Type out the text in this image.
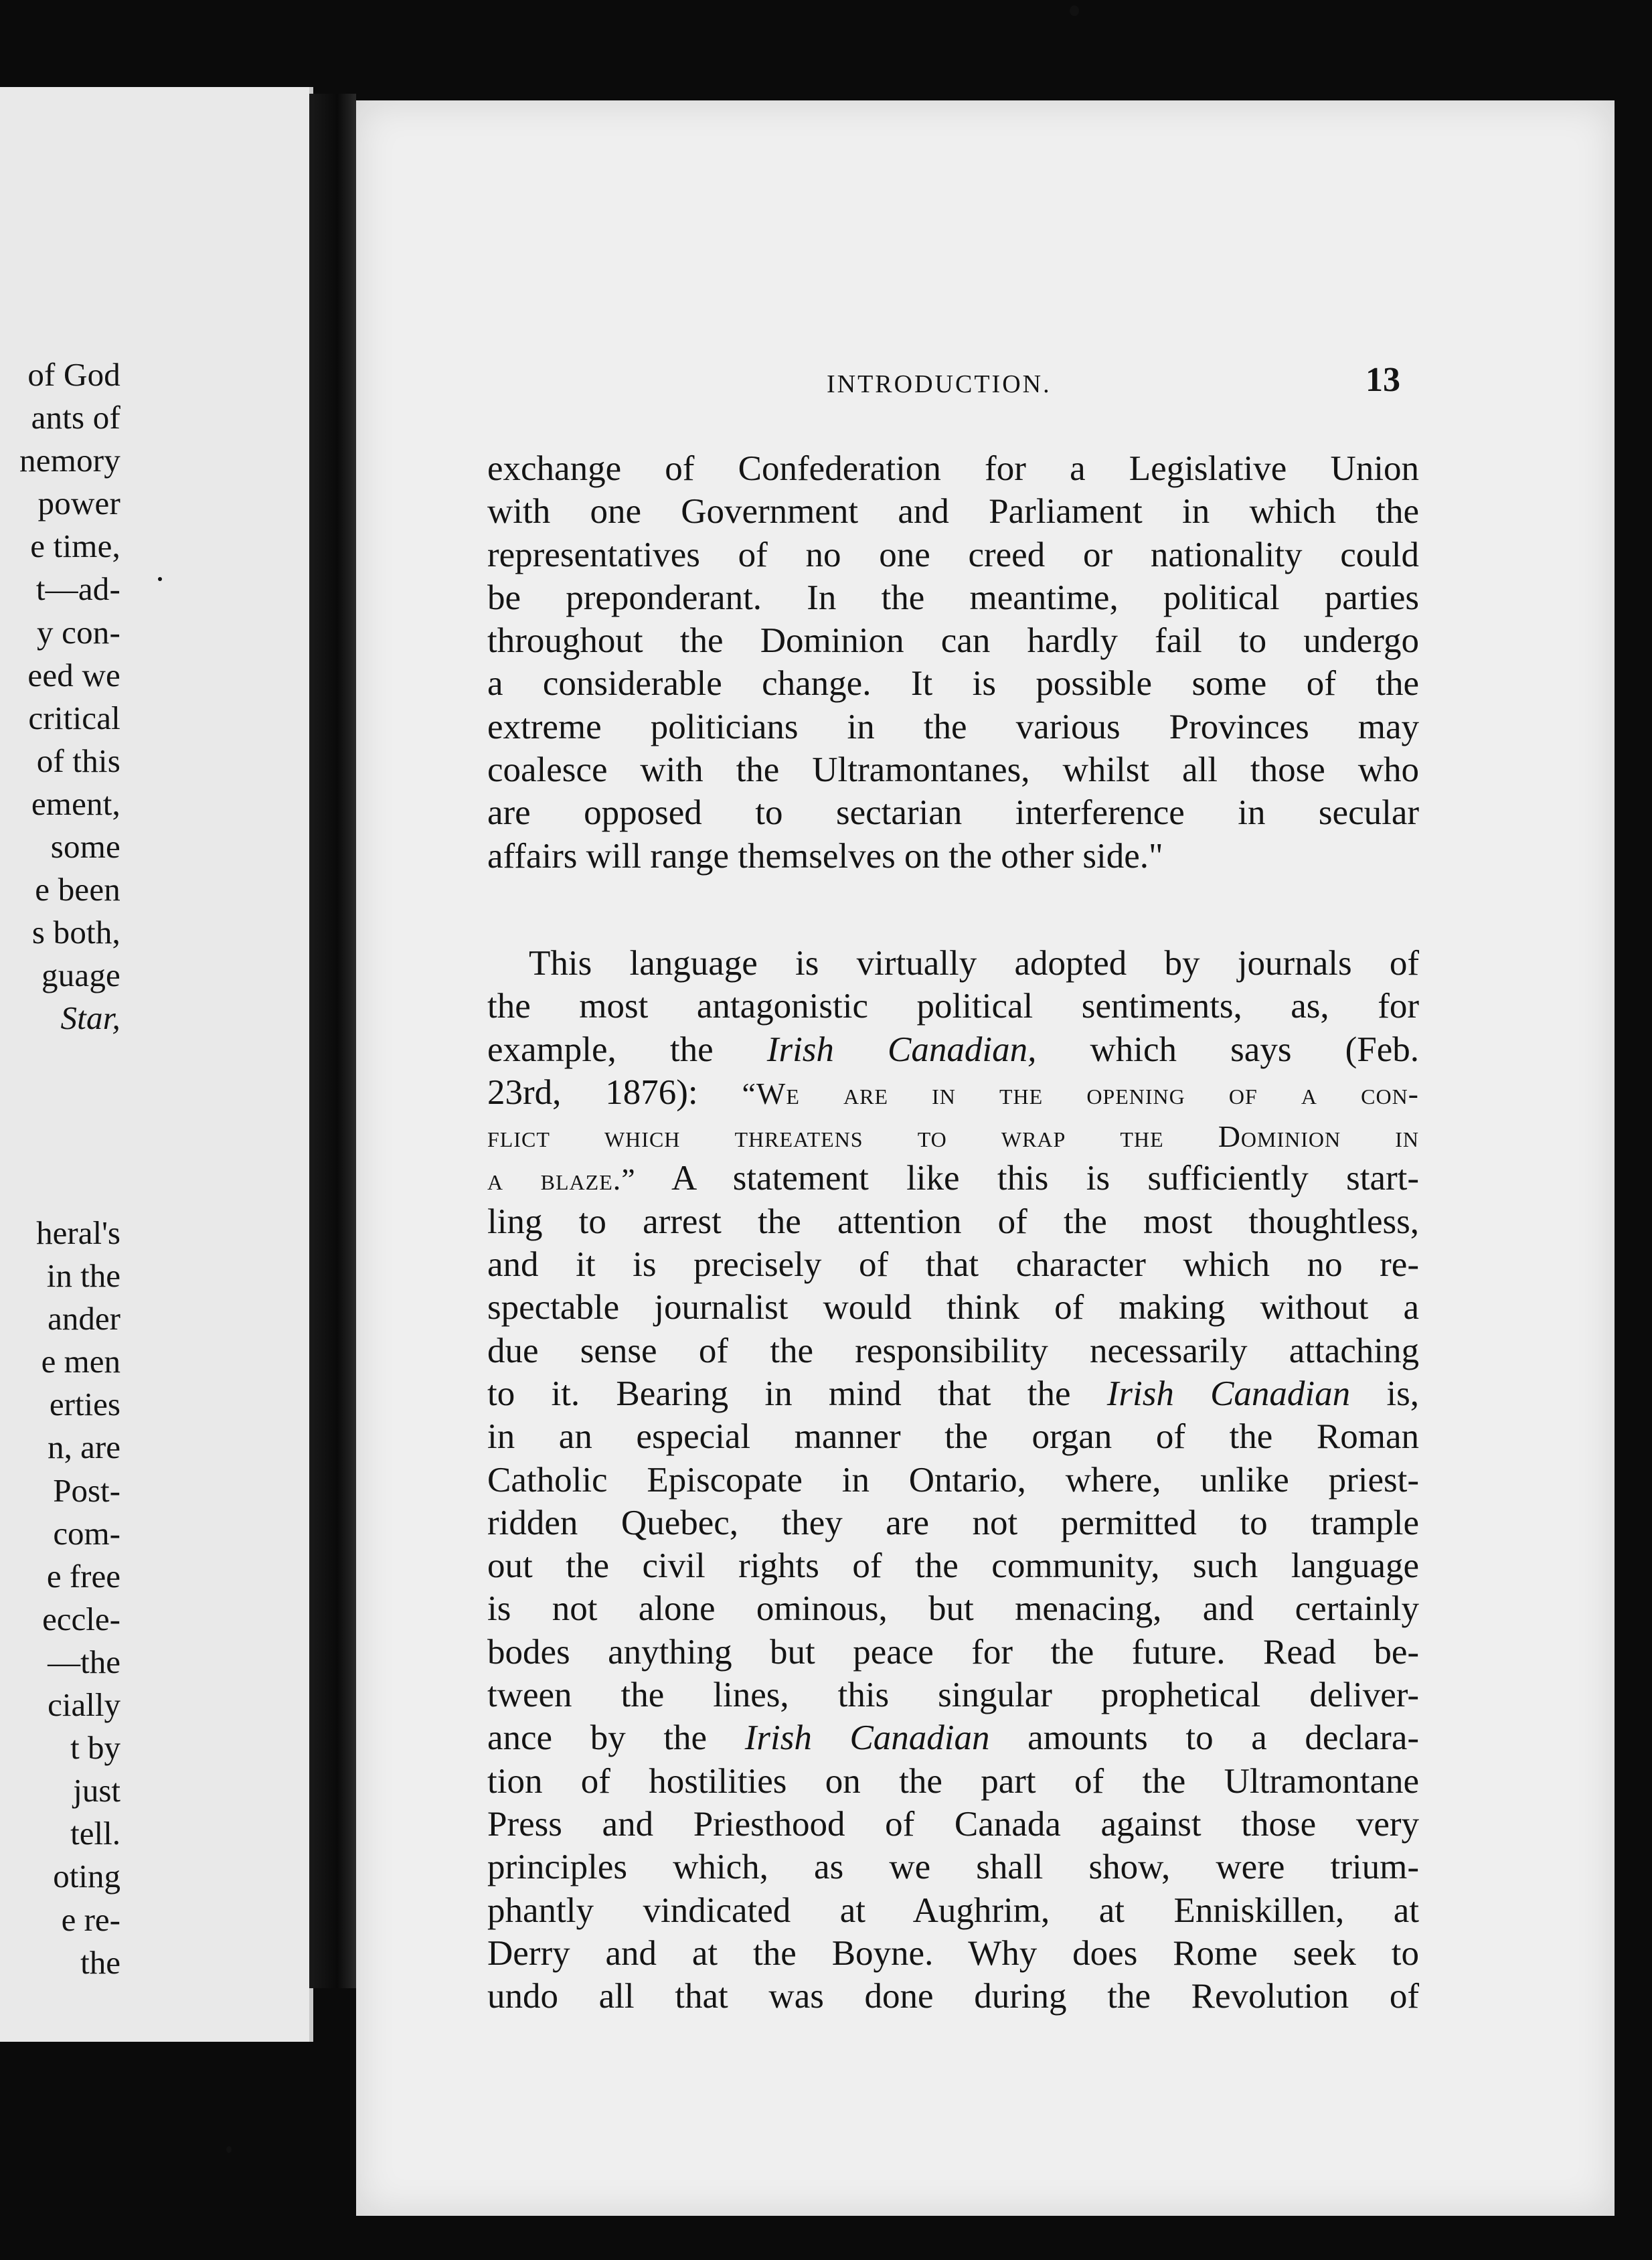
of God
ants of
nemory
power
e time,
t—ad-
y con-
eed we
critical
of this
ement,
some
e been
s both,
guage
Star,
heral's
in the
ander
e men
erties
n, are
Post-
com-
e free
eccle-
—the
cially
t by
just
tell.
oting
e re-
the
INTRODUCTION.	13
exchange of Confederation for a Legislative Union
with one Government and Parliament in which the
representatives of no one creed or nationality could
be preponderant. In the meantime, political parties
throughout the Dominion can hardly fail to undergo
a considerable change. It is possible some of the
extreme politicians in the various Provinces may
coalesce with the Ultramontanes, whilst all those who
are opposed to sectarian interference in secular
affairs will range themselves on the other side."
This language is virtually adopted by journals of
the most antagonistic political sentiments, as, for
example, the Irish Canadian, which says (Feb.
23rd, 1876): “We are in the opening of a con-
flict which threatens to wrap the Dominion in
a blaze.” A statement like this is sufficiently start-
ling to arrest the attention of the most thoughtless,
and it is precisely of that character which no re-
spectable journalist would think of making without a
due sense of the responsibility necessarily attaching
to it. Bearing in mind that the Irish Canadian is,
in an especial manner the organ of the Roman
Catholic Episcopate in Ontario, where, unlike priest-
ridden Quebec, they are not permitted to trample
out the civil rights of the community, such language
is not alone ominous, but menacing, and certainly
bodes anything but peace for the future. Read be-
tween the lines, this singular prophetical deliver-
ance by the Irish Canadian amounts to a declara-
tion of hostilities on the part of the Ultramontane
Press and Priesthood of Canada against those very
principles which, as we shall show, were trium-
phantly vindicated at Aughrim, at Enniskillen, at
Derry and at the Boyne. Why does Rome seek to
undo all that was done during the Revolution of
